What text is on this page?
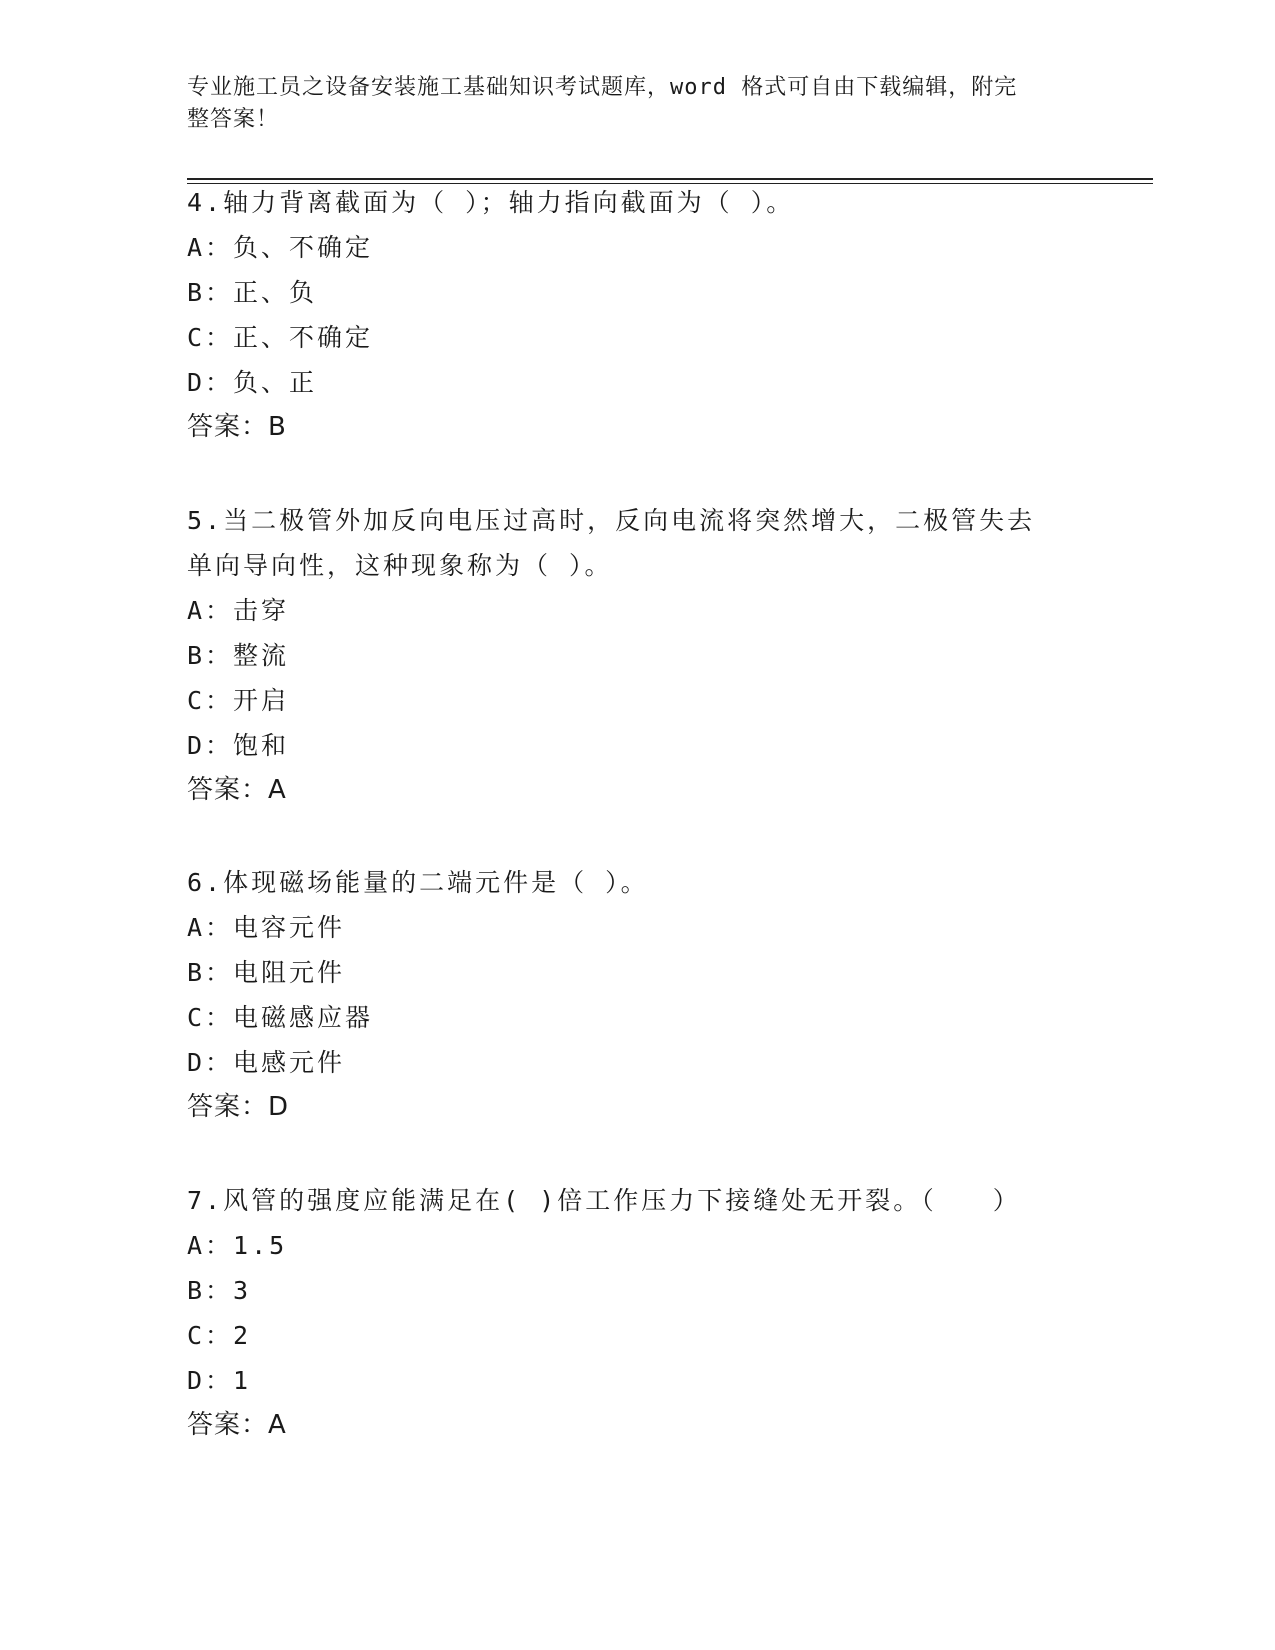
专业施工员之设备安装施工基础知识考试题库，word 格式可自由下载编辑，附完
整答案！

4.轴力背离截面为（ ）；轴力指向截面为（ ）。

A：负、不确定

B：正、负

C：正、不确定

D：负、正

答案：B

5.当二极管外加反向电压过高时，反向电流将突然增大，二极管失去

单向导向性，这种现象称为（ ）。

A：击穿

B：整流

C：开启

D：饱和

答案：A

6.体现磁场能量的二端元件是（ ）。

A：电容元件

B：电阻元件

C：电磁感应器

D：电感元件

答案：D

7.风管的强度应能满足在( )倍工作压力下接缝处无开裂。（　　）

A：1.5

B：3

C：2

D：1

答案：A
